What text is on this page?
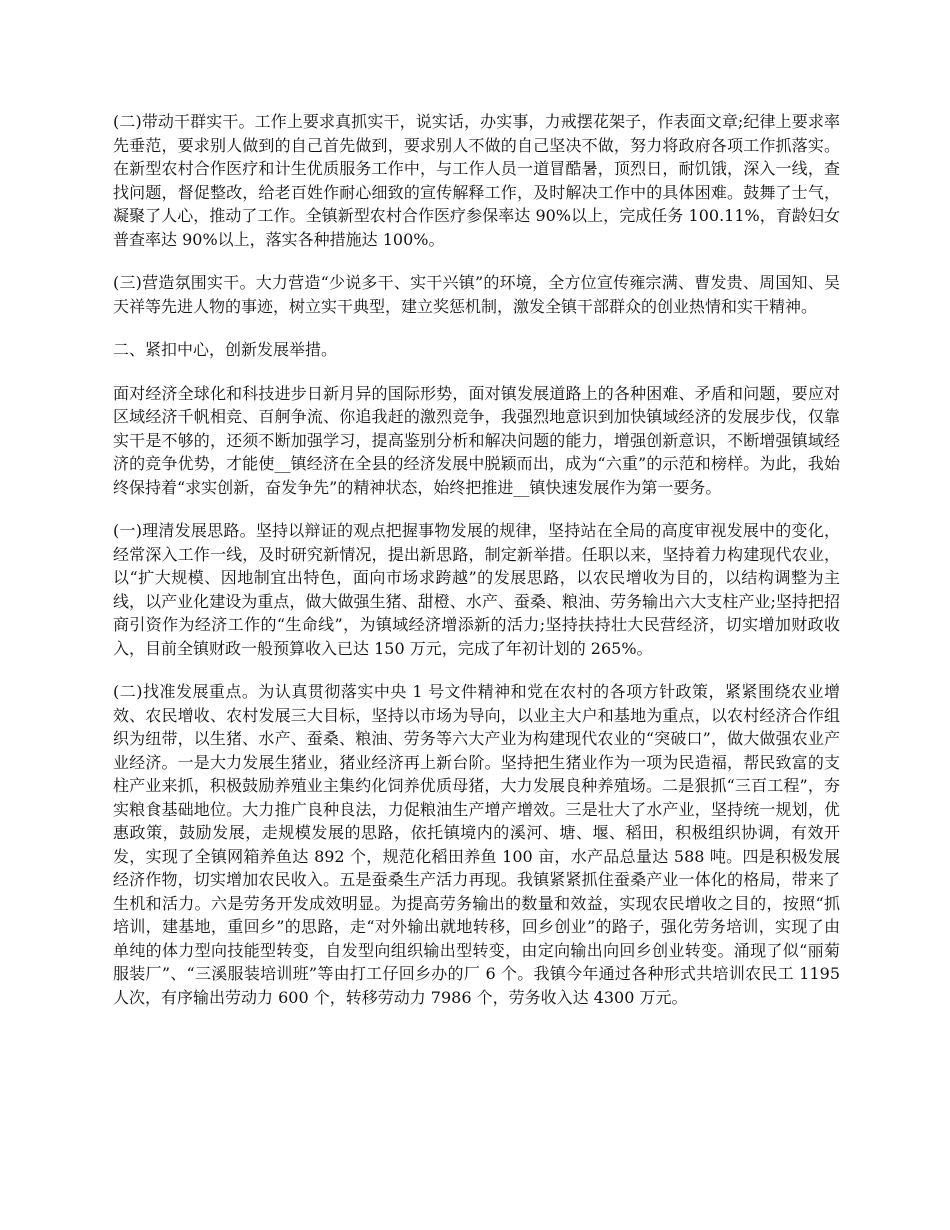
(二)带动干群实干。工作上要求真抓实干，说实话，办实事，力戒摆花架子，作表面文章;纪律上要求率先垂范，要求别人做到的自己首先做到，要求别人不做的自己坚决不做，努力将政府各项工作抓落实。在新型农村合作医疗和计生优质服务工作中，与工作人员一道冒酷暑，顶烈日，耐饥饿，深入一线，查找问题，督促整改，给老百姓作耐心细致的宣传解释工作，及时解决工作中的具体困难。鼓舞了士气，凝聚了人心，推动了工作。全镇新型农村合作医疗参保率达 90%以上，完成任务 100.11%，育龄妇女普查率达 90%以上，落实各种措施达 100%。

(三)营造氛围实干。大力营造“少说多干、实干兴镇”的环境，全方位宣传雍宗满、曹发贵、周国知、吴天祥等先进人物的事迹，树立实干典型，建立奖惩机制，激发全镇干部群众的创业热情和实干精神。

二、紧扣中心，创新发展举措。

面对经济全球化和科技进步日新月异的国际形势，面对镇发展道路上的各种困难、矛盾和问题，要应对区域经济千帆相竞、百舸争流、你追我赶的激烈竞争，我强烈地意识到加快镇域经济的发展步伐，仅靠实干是不够的，还须不断加强学习，提高鉴别分析和解决问题的能力，增强创新意识，不断增强镇域经济的竞争优势，才能使__镇经济在全县的经济发展中脱颖而出，成为“六重”的示范和榜样。为此，我始终保持着“求实创新，奋发争先”的精神状态，始终把推进__镇快速发展作为第一要务。

(一)理清发展思路。坚持以辩证的观点把握事物发展的规律，坚持站在全局的高度审视发展中的变化，经常深入工作一线，及时研究新情况，提出新思路，制定新举措。任职以来，坚持着力构建现代农业，以“扩大规模、因地制宜出特色，面向市场求跨越”的发展思路，以农民增收为目的，以结构调整为主线，以产业化建设为重点，做大做强生猪、甜橙、水产、蚕桑、粮油、劳务输出六大支柱产业;坚持把招商引资作为经济工作的“生命线”，为镇域经济增添新的活力;坚持扶持壮大民营经济，切实增加财政收入，目前全镇财政一般预算收入已达 150 万元，完成了年初计划的 265%。

(二)找准发展重点。为认真贯彻落实中央 1 号文件精神和党在农村的各项方针政策，紧紧围绕农业增效、农民增收、农村发展三大目标，坚持以市场为导向，以业主大户和基地为重点，以农村经济合作组织为纽带，以生猪、水产、蚕桑、粮油、劳务等六大产业为构建现代农业的“突破口”，做大做强农业产业经济。一是大力发展生猪业，猪业经济再上新台阶。坚持把生猪业作为一项为民造福，帮民致富的支柱产业来抓，积极鼓励养殖业主集约化饲养优质母猪，大力发展良种养殖场。二是狠抓“三百工程”，夯实粮食基础地位。大力推广良种良法，力促粮油生产增产增效。三是壮大了水产业，坚持统一规划，优惠政策，鼓励发展，走规模发展的思路，依托镇境内的溪河、塘、堰、稻田，积极组织协调，有效开发，实现了全镇网箱养鱼达 892 个，规范化稻田养鱼 100 亩，水产品总量达 588 吨。四是积极发展经济作物，切实增加农民收入。五是蚕桑生产活力再现。我镇紧紧抓住蚕桑产业一体化的格局，带来了生机和活力。六是劳务开发成效明显。为提高劳务输出的数量和效益，实现农民增收之目的，按照“抓培训，建基地，重回乡”的思路，走“对外输出就地转移，回乡创业”的路子，强化劳务培训，实现了由单纯的体力型向技能型转变，自发型向组织输出型转变，由定向输出向回乡创业转变。涌现了似“丽菊服装厂”、“三溪服装培训班”等由打工仔回乡办的厂 6 个。我镇今年通过各种形式共培训农民工 1195 人次，有序输出劳动力 600 个，转移劳动力 7986 个，劳务收入达 4300 万元。
